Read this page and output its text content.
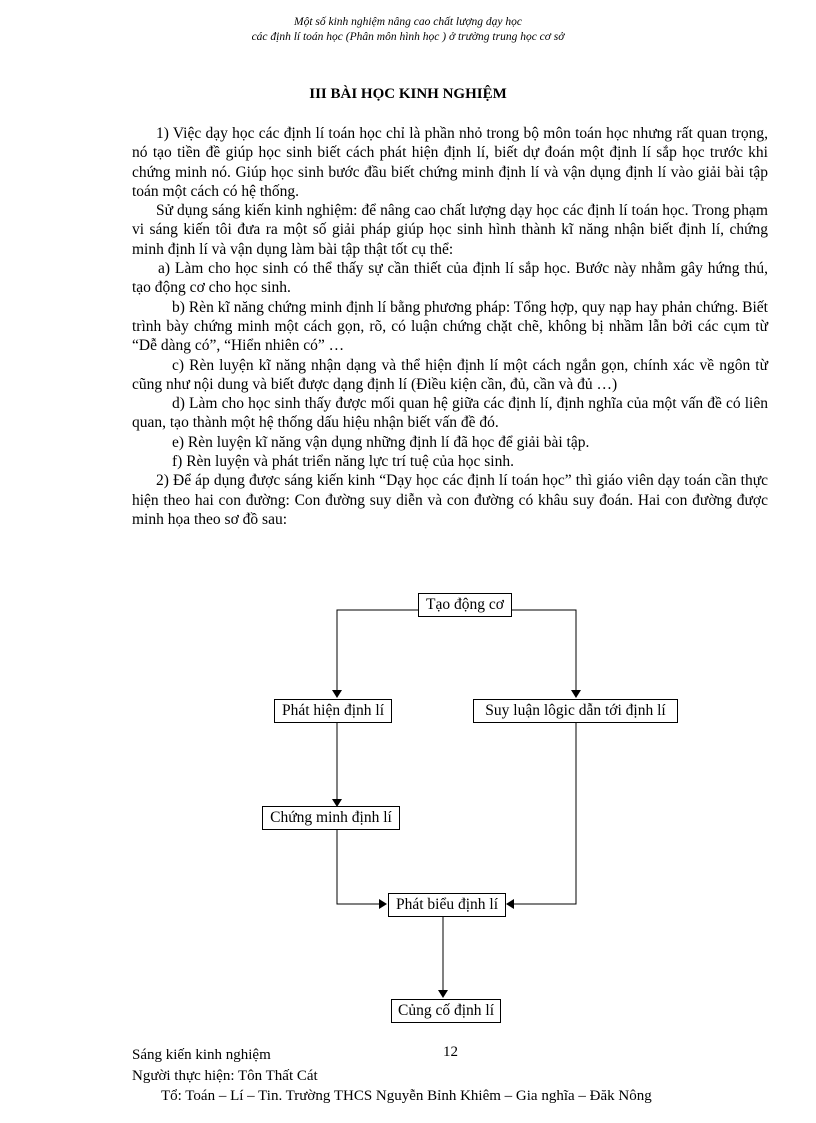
Một số kinh nghiệm nâng cao chất lượng dạy học
các định lí toán học (Phân môn hình học ) ở trường trung học cơ sở
III BÀI HỌC KINH NGHIỆM

1) Việc dạy học các định lí toán học chỉ là phần nhỏ trong bộ môn toán học nhưng rất quan trọng, nó tạo tiền đề giúp học sinh biết cách phát hiện định lí, biết dự đoán một định lí sắp học trước khi chứng minh nó. Giúp học sinh bước đầu biết chứng minh định lí và vận dụng định lí vào giải bài tập toán một cách có hệ thống.

Sử dụng sáng kiến kinh nghiệm: để nâng cao chất lượng dạy học các định lí toán học. Trong phạm vi sáng kiến tôi đưa ra một số giải pháp giúp học sinh hình thành kĩ năng nhận biết định lí, chứng minh định lí và vận dụng làm bài tập thật tốt cụ thể:

a) Làm cho học sinh có thể thấy sự cần thiết của định lí sắp học. Bước này nhằm gây hứng thú, tạo động cơ cho học sinh.

b) Rèn kĩ năng chứng minh định lí bằng phương pháp: Tổng hợp, quy nạp hay phản chứng. Biết trình bày chứng minh một cách gọn, rõ, có luận chứng chặt chẽ, không bị nhầm lẫn bởi các cụm từ “Dễ dàng có”, “Hiển nhiên có” …

c) Rèn luyện kĩ năng nhận dạng và thể hiện định lí một cách ngắn gọn, chính xác về ngôn từ cũng như nội dung và biết được dạng định lí (Điều kiện cần, đủ, cần và đủ …)

d) Làm cho học sinh thấy được mối quan hệ giữa các định lí, định nghĩa của một vấn đề có liên quan, tạo thành một hệ thống dấu hiệu nhận biết vấn đề đó.

e) Rèn luyện kĩ năng vận dụng những định lí đã học để giải bài tập.

f) Rèn luyện và phát triển năng lực trí tuệ của học sinh.

2) Để áp dụng được sáng kiến kinh “Dạy học các định lí toán học” thì giáo viên dạy toán cần thực hiện theo hai con đường: Con đường suy diễn và con đường có khâu suy đoán. Hai con đường được minh họa theo sơ đồ sau:

Tạo động cơ
Phát hiện định lí	Suy luận lôgic dẫn tới định lí
Chứng minh định lí
Phát biểu định lí
Củng cố định lí
Sáng kiến kinh nghiệm	12
Người thực hiện: Tôn Thất Cát
Tổ: Toán – Lí – Tin. Trường THCS Nguyễn Bỉnh Khiêm – Gia nghĩa – Đăk Nông
